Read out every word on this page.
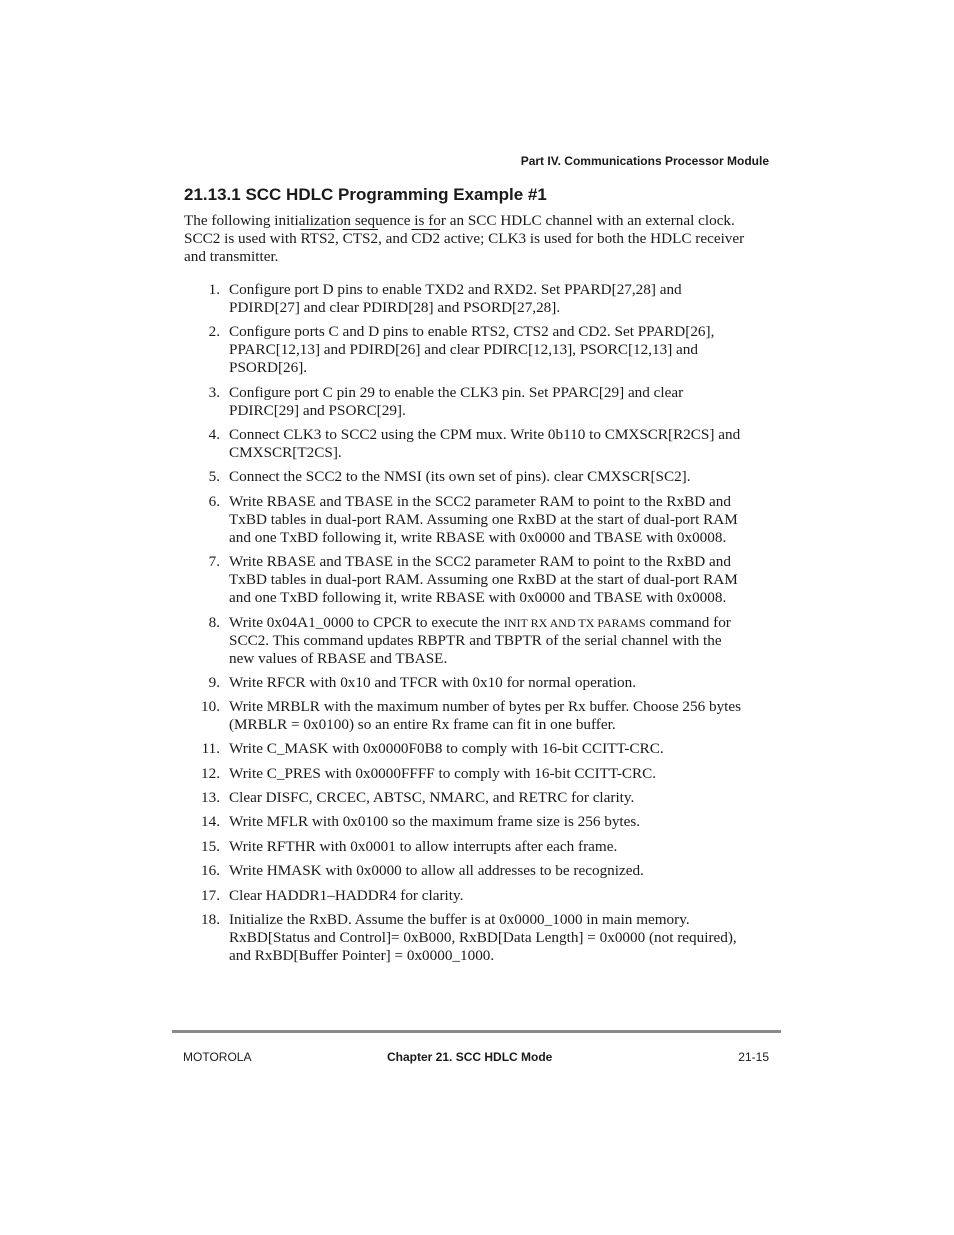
Part IV. Communications Processor Module
21.13.1 SCC HDLC Programming Example #1
The following initialization sequence is for an SCC HDLC channel with an external clock.
SCC2 is used with RTS2, CTS2, and CD2 active; CLK3 is used for both the HDLC receiver
and transmitter.
1. Configure port D pins to enable TXD2 and RXD2. Set PPARD[27,28] and
PDIRD[27] and clear PDIRD[28] and PSORD[27,28].
2. Configure ports C and D pins to enable RTS2, CTS2 and CD2. Set PPARD[26],
PPARC[12,13] and PDIRD[26] and clear PDIRC[12,13], PSORC[12,13] and
PSORD[26].
3. Configure port C pin 29 to enable the CLK3 pin. Set PPARC[29] and clear
PDIRC[29] and PSORC[29].
4. Connect CLK3 to SCC2 using the CPM mux. Write 0b110 to CMXSCR[R2CS] and
CMXSCR[T2CS].
5. Connect the SCC2 to the NMSI (its own set of pins). clear CMXSCR[SC2].
6. Write RBASE and TBASE in the SCC2 parameter RAM to point to the RxBD and
TxBD tables in dual-port RAM. Assuming one RxBD at the start of dual-port RAM
and one TxBD following it, write RBASE with 0x0000 and TBASE with 0x0008.
7. Write RBASE and TBASE in the SCC2 parameter RAM to point to the RxBD and
TxBD tables in dual-port RAM. Assuming one RxBD at the start of dual-port RAM
and one TxBD following it, write RBASE with 0x0000 and TBASE with 0x0008.
8. Write 0x04A1_0000 to CPCR to execute the INIT RX AND TX PARAMS command for
SCC2. This command updates RBPTR and TBPTR of the serial channel with the
new values of RBASE and TBASE.
9. Write RFCR with 0x10 and TFCR with 0x10 for normal operation.
10. Write MRBLR with the maximum number of bytes per Rx buffer. Choose 256 bytes
(MRBLR = 0x0100) so an entire Rx frame can fit in one buffer.
11. Write C_MASK with 0x0000F0B8 to comply with 16-bit CCITT-CRC.
12. Write C_PRES with 0x0000FFFF to comply with 16-bit CCITT-CRC.
13. Clear DISFC, CRCEC, ABTSC, NMARC, and RETRC for clarity.
14. Write MFLR with 0x0100 so the maximum frame size is 256 bytes.
15. Write RFTHR with 0x0001 to allow interrupts after each frame.
16. Write HMASK with 0x0000 to allow all addresses to be recognized.
17. Clear HADDR1–HADDR4 for clarity.
18. Initialize the RxBD. Assume the buffer is at 0x0000_1000 in main memory.
RxBD[Status and Control]= 0xB000, RxBD[Data Length] = 0x0000 (not required),
and RxBD[Buffer Pointer] = 0x0000_1000.
MOTOROLA	Chapter 21. SCC HDLC Mode	21-15
